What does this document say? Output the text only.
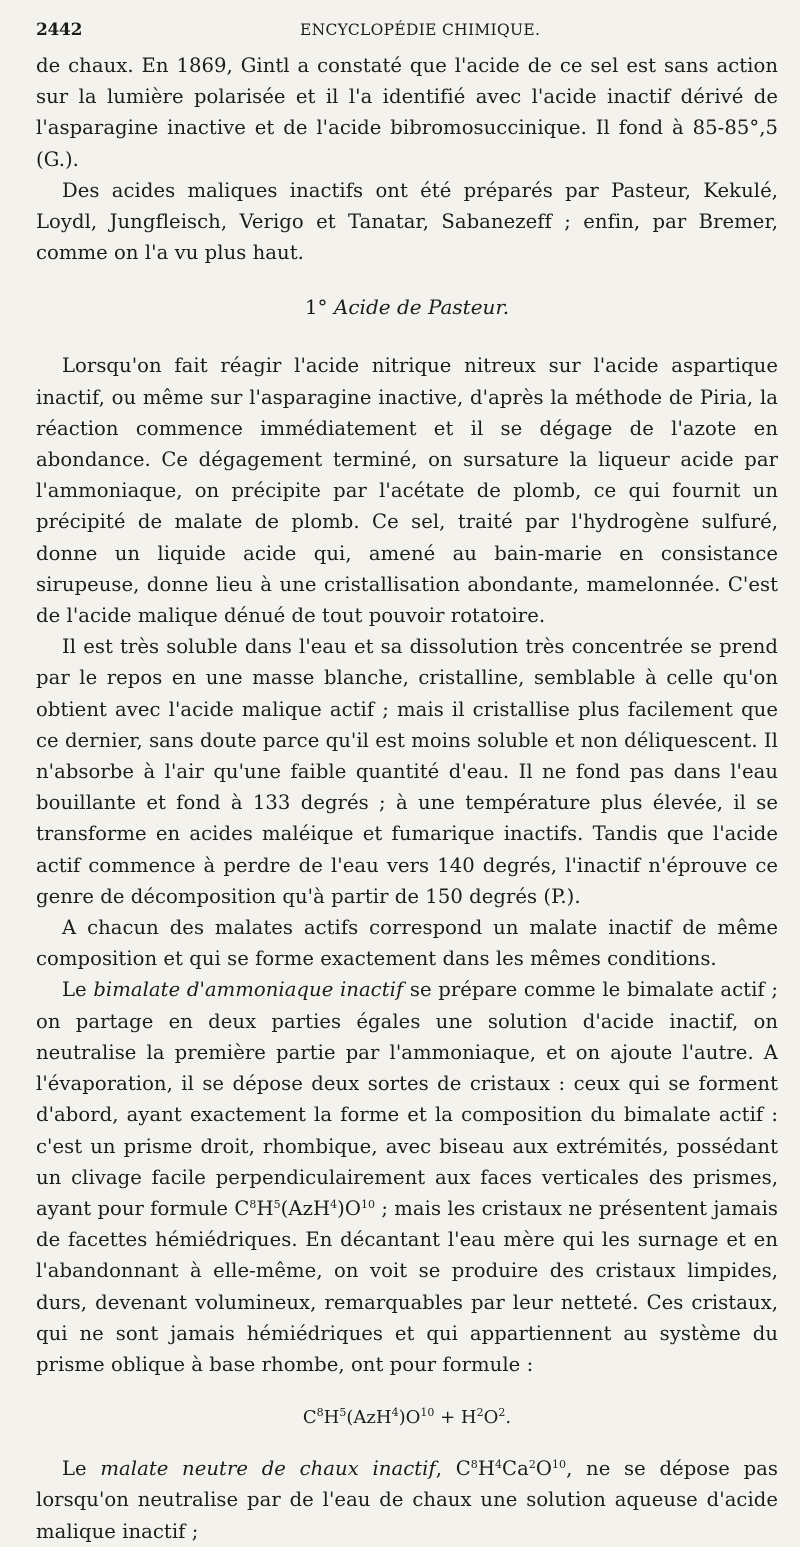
2442	ENCYCLOPÉDIE CHIMIQUE.

de chaux. En 1869, Gintl a constaté que l'acide de ce sel est sans action sur la lumière polarisée et il l'a identifié avec l'acide inactif dérivé de l'asparagine inactive et de l'acide bibromosuccinique. Il fond à 85-85°,5 (G.).

Des acides maliques inactifs ont été préparés par Pasteur, Kekulé, Loydl, Jungfleisch, Verigo et Tanatar, Sabanezeff ; enfin, par Bremer, comme on l'a vu plus haut.

1° Acide de Pasteur.

Lorsqu'on fait réagir l'acide nitrique nitreux sur l'acide aspartique inactif, ou même sur l'asparagine inactive, d'après la méthode de Piria, la réaction commence immédiatement et il se dégage de l'azote en abondance. Ce dégagement terminé, on sursature la liqueur acide par l'ammoniaque, on précipite par l'acétate de plomb, ce qui fournit un précipité de malate de plomb. Ce sel, traité par l'hydrogène sulfuré, donne un liquide acide qui, amené au bain-marie en consistance sirupeuse, donne lieu à une cristallisation abondante, mamelonnée. C'est de l'acide malique dénué de tout pouvoir rotatoire.

Il est très soluble dans l'eau et sa dissolution très concentrée se prend par le repos en une masse blanche, cristalline, semblable à celle qu'on obtient avec l'acide malique actif ; mais il cristallise plus facilement que ce dernier, sans doute parce qu'il est moins soluble et non déliquescent. Il n'absorbe à l'air qu'une faible quantité d'eau. Il ne fond pas dans l'eau bouillante et fond à 133 degrés ; à une température plus élevée, il se transforme en acides maléique et fumarique inactifs. Tandis que l'acide actif commence à perdre de l'eau vers 140 degrés, l'inactif n'éprouve ce genre de décomposition qu'à partir de 150 degrés (P.).

A chacun des malates actifs correspond un malate inactif de même composition et qui se forme exactement dans les mêmes conditions.

Le bimalate d'ammoniaque inactif se prépare comme le bimalate actif ; on partage en deux parties égales une solution d'acide inactif, on neutralise la première partie par l'ammoniaque, et on ajoute l'autre. A l'évaporation, il se dépose deux sortes de cristaux : ceux qui se forment d'abord, ayant exactement la forme et la composition du bimalate actif : c'est un prisme droit, rhombique, avec biseau aux extrémités, possédant un clivage facile perpendiculairement aux faces verticales des prismes, ayant pour formule $C^8H^5(AzH^4)O^{10}$ ; mais les cristaux ne présentent jamais de facettes hémiédriques. En décantant l'eau mère qui les surnage et en l'abandonnant à elle-même, on voit se produire des cristaux limpides, durs, devenant volumineux, remarquables par leur netteté. Ces cristaux, qui ne sont jamais hémiédriques et qui appartiennent au système du prisme oblique à base rhombe, ont pour formule :

$C^8H^5(AzH^4)O^{10} + H^2O^2$.

Le malate neutre de chaux inactif, $C^8H^4Ca^2O^{10}$, ne se dépose pas lorsqu'on neutralise par de l'eau de chaux une solution aqueuse d'acide malique inactif ;
